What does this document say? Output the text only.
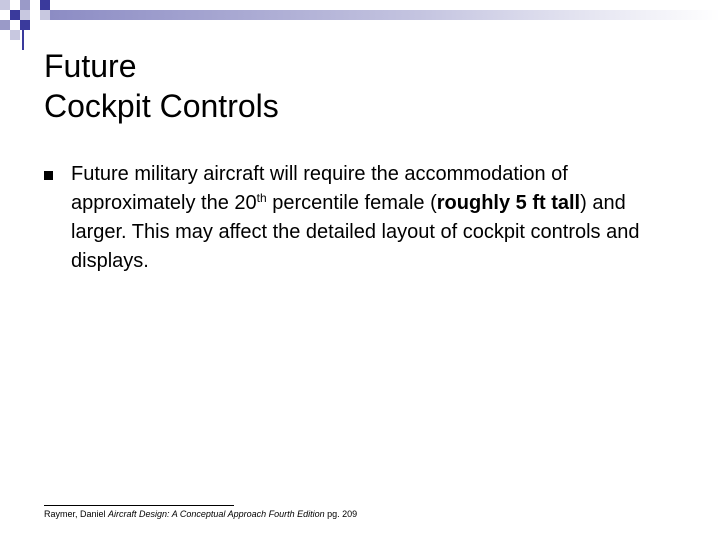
Future
Cockpit Controls
Future military aircraft will require the accommodation of approximately the 20th percentile female (roughly 5 ft tall) and larger. This may affect the detailed layout of cockpit controls and displays.
Raymer, Daniel Aircraft Design: A Conceptual Approach Fourth Edition pg. 209
